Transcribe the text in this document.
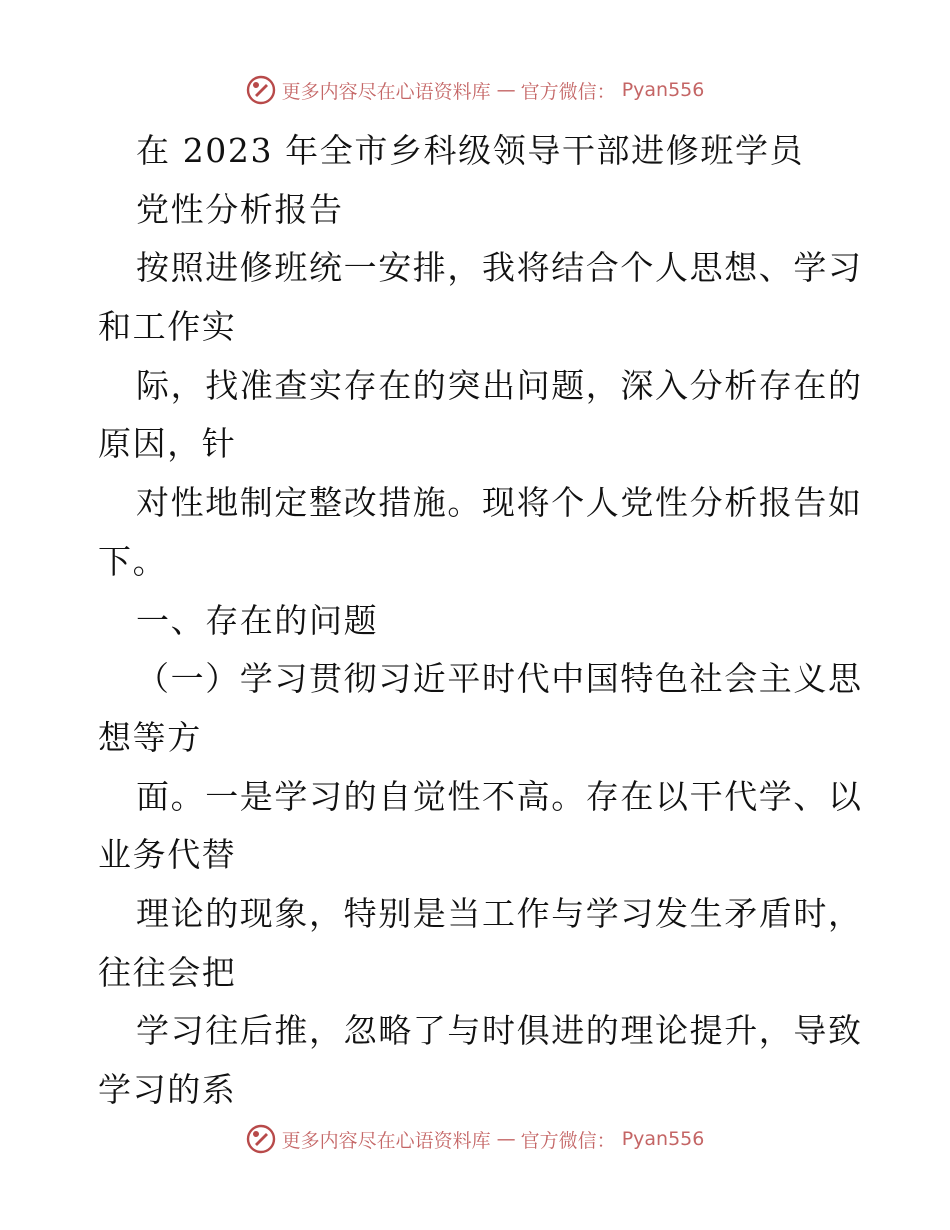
更多内容尽在心语资料库 — 官方微信： Pyan556
在 2023 年全市乡科级领导干部进修班学员
党性分析报告
按照进修班统一安排，我将结合个人思想、学习
和工作实
际，找准查实存在的突出问题，深入分析存在的
原因，针
对性地制定整改措施。现将个人党性分析报告如
下。
一、存在的问题
（一）学习贯彻习近平时代中国特色社会主义思
想等方
面。一是学习的自觉性不高。存在以干代学、以
业务代替
理论的现象，特别是当工作与学习发生矛盾时，
往往会把
学习往后推，忽略了与时俱进的理论提升，导致
学习的系
更多内容尽在心语资料库 — 官方微信： Pyan556
